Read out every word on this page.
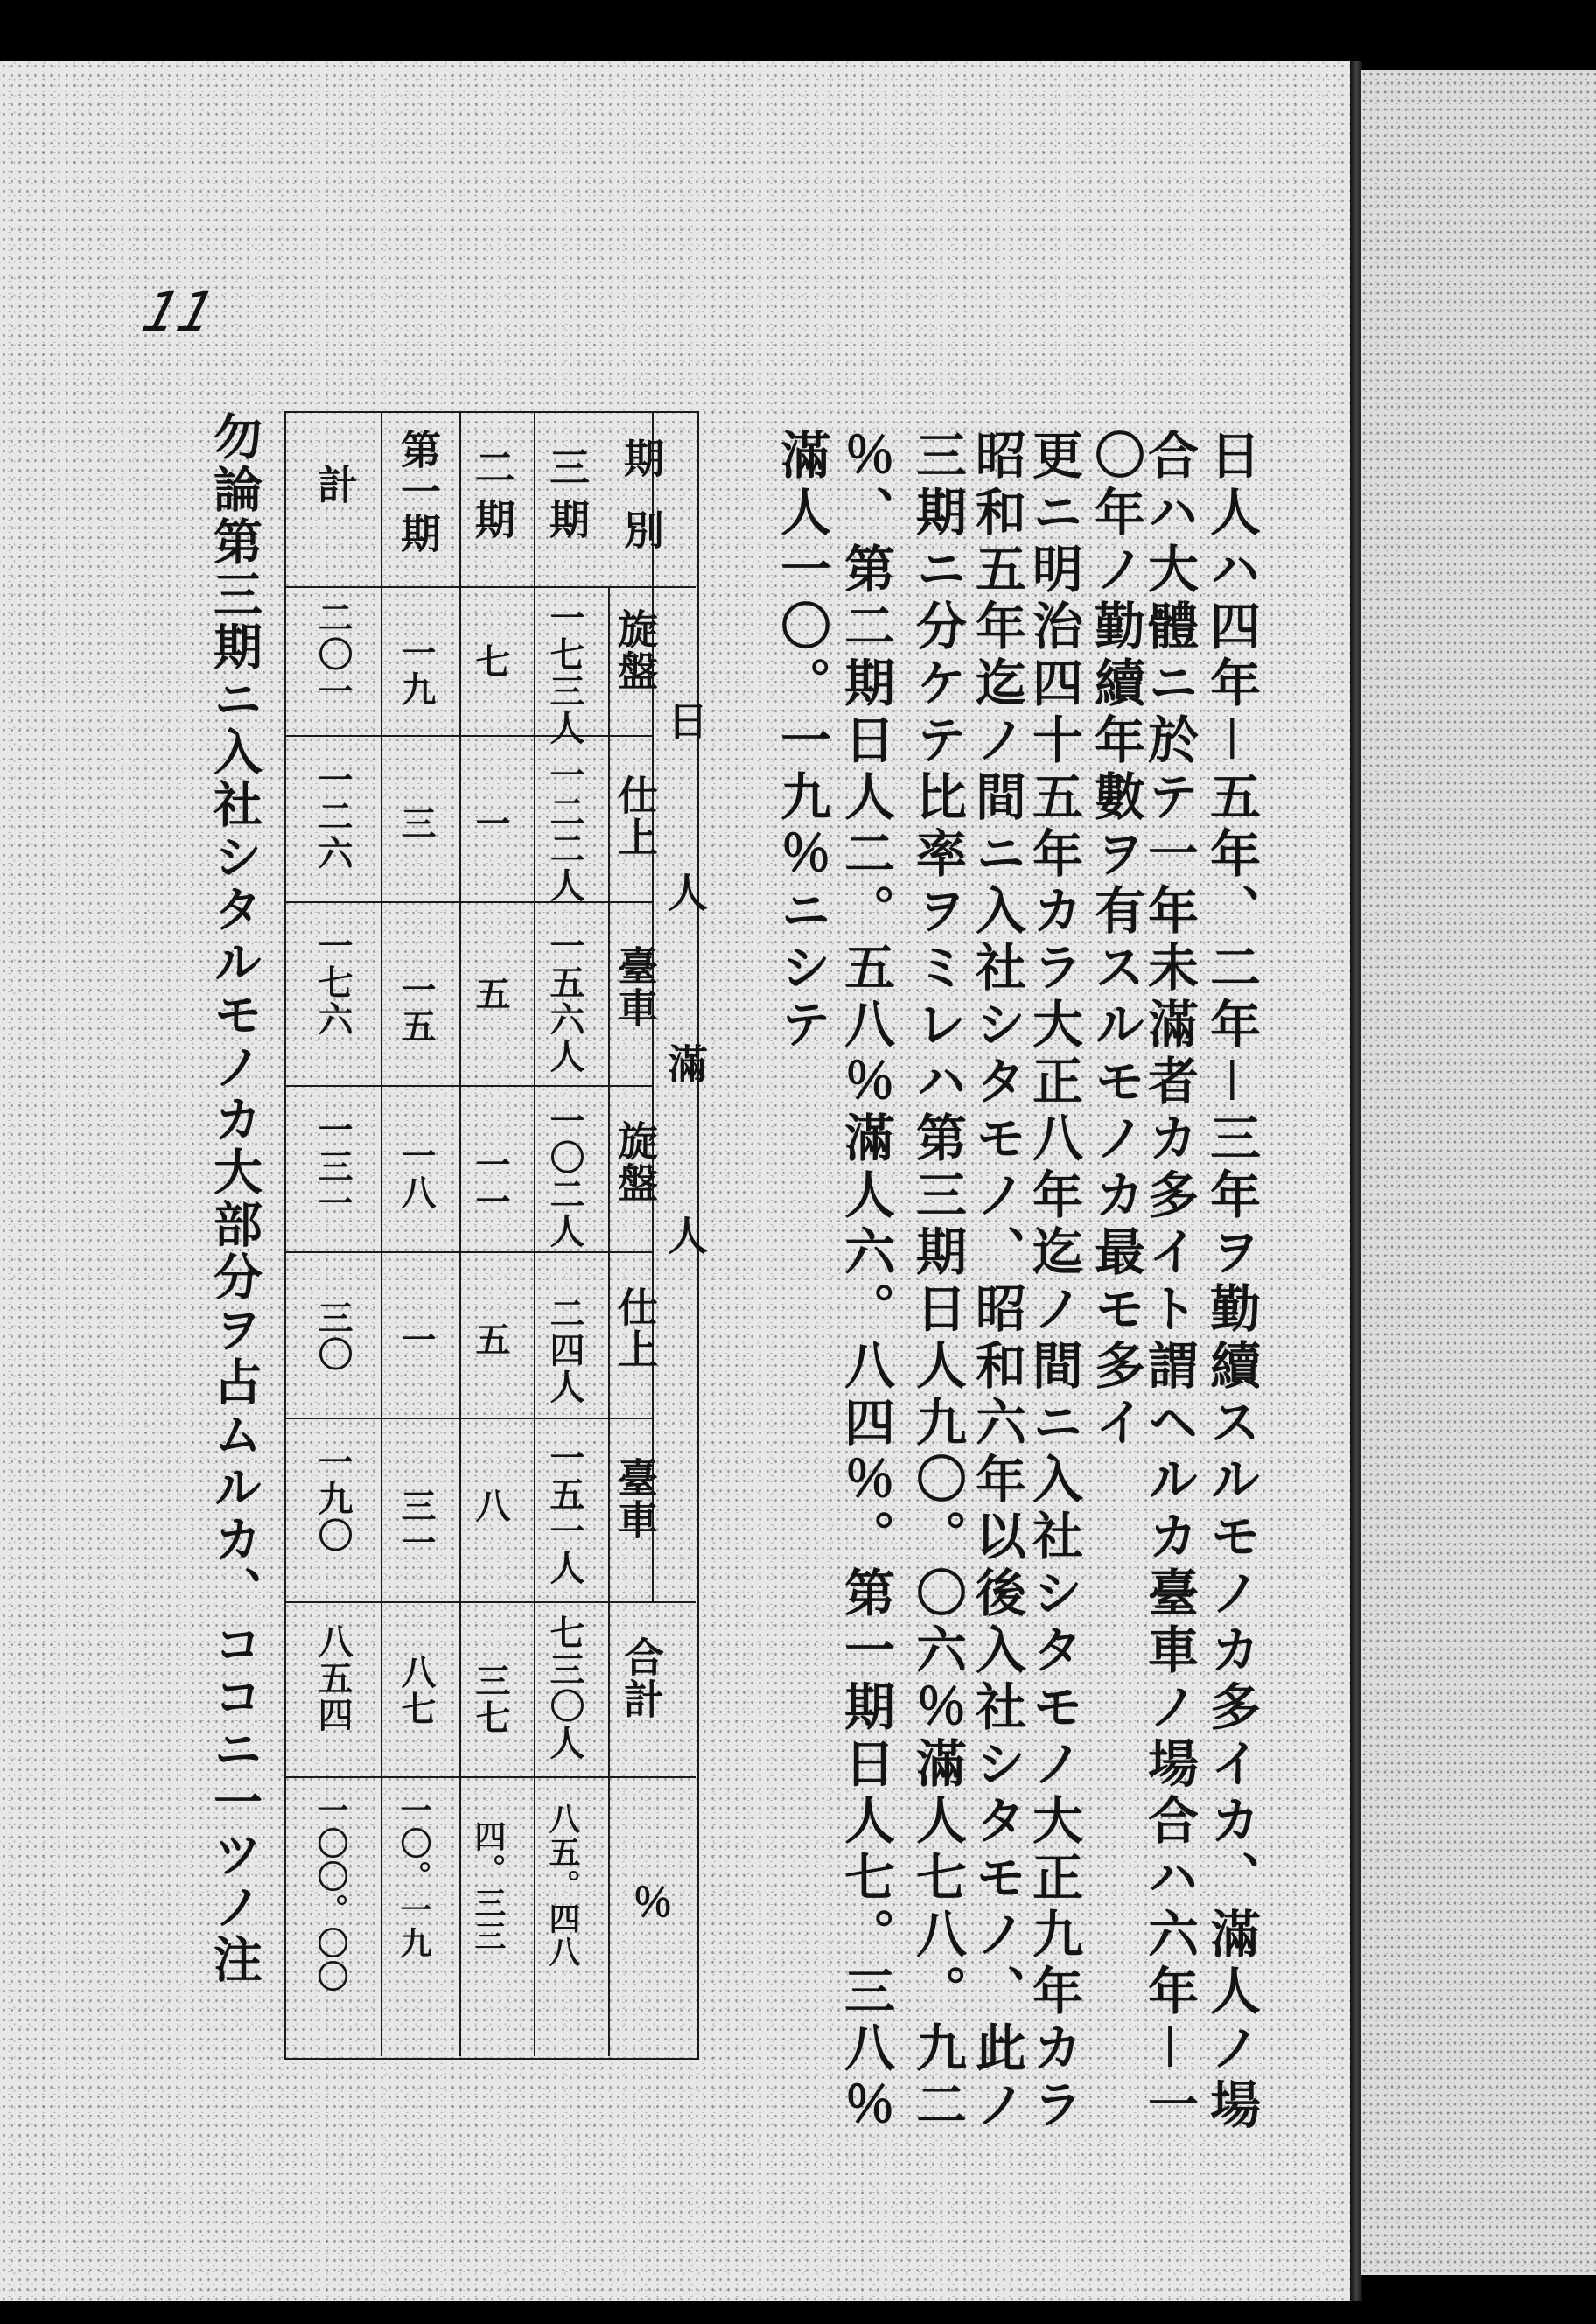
11
日人ハ四年－五年、二年－三年ヲ勤續スルモノカ多イカ、滿人ノ場
合ハ大體ニ於テ一年未滿者カ多イト謂ヘルカ臺車ノ場合ハ六年－一
〇年ノ勤續年數ヲ有スルモノカ最モ多イ
更ニ明治四十五年カラ大正八年迄ノ間ニ入社シタモノ大正九年カラ
昭和五年迄ノ間ニ入社シタモノ、昭和六年以後入社シタモノ、此ノ
三期ニ分ケテ比率ヲミレハ第三期日人九〇。〇六％滿人七八。九二
％、第二期日人二。五八％滿人六。八四％。第一期日人七。三八％
滿人一〇。一九％ニシテ
期別
日人滿人
旋盤
仕上
臺車
旋盤
仕上
臺車
合計
％
三期
二期
第一期
計
一七三人
一二二人
一五六人
一〇二人
二四人
一五一人
七三〇人
八五。四八
七
一
五
一一
五
八
三七
四。三三
一九
三
一五
一八
一
三一
八七
一〇。一九
二〇一
一二六
一七六
一三一
三〇
一九〇
八五四
一〇〇。〇〇
勿論第三期ニ入社シタルモノカ大部分ヲ占ムルカ、ココニ一ツノ注
